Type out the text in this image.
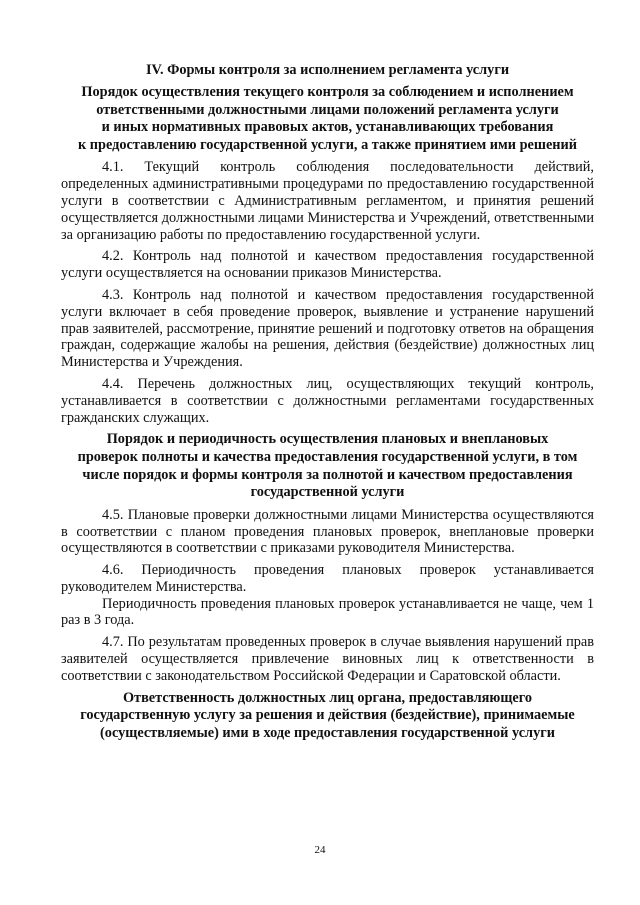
IV. Формы контроля за исполнением регламента услуги
Порядок осуществления текущего контроля за соблюдением и исполнением
ответственными должностными лицами положений регламента услуги
и иных нормативных правовых актов, устанавливающих требования
к предоставлению государственной услуги, а также принятием ими решений

4.1. Текущий контроль соблюдения последовательности действий, определенных административными процедурами по предоставлению государственной услуги в соответствии с Административным регламентом, и принятия решений осуществляется должностными лицами Министерства и Учреждений, ответственными за организацию работы по предоставлению государственной услуги.

4.2. Контроль над полнотой и качеством предоставления государственной услуги осуществляется на основании приказов Министерства.

4.3. Контроль над полнотой и качеством предоставления государственной услуги включает в себя проведение проверок, выявление и устранение нарушений прав заявителей, рассмотрение, принятие решений и подготовку ответов на обращения граждан, содержащие жалобы на решения, действия (бездействие) должностных лиц Министерства и Учреждения.

4.4. Перечень должностных лиц, осуществляющих текущий контроль, устанавливается в соответствии с должностными регламентами государственных гражданских служащих.

Порядок и периодичность осуществления плановых и внеплановых
проверок полноты и качества предоставления государственной услуги, в том
числе порядок и формы контроля за полнотой и качеством предоставления
государственной услуги

4.5. Плановые проверки должностными лицами Министерства осуществляются в соответствии с планом проведения плановых проверок, внеплановые проверки осуществляются в соответствии с приказами руководителя Министерства.

4.6. Периодичность проведения плановых проверок устанавливается руководителем Министерства.

Периодичность проведения плановых проверок устанавливается не чаще, чем 1 раз в 3 года.

4.7. По результатам проведенных проверок в случае выявления нарушений прав заявителей осуществляется привлечение виновных лиц к ответственности в соответствии с законодательством Российской Федерации и Саратовской области.

Ответственность должностных лиц органа, предоставляющего
государственную услугу за решения и действия (бездействие), принимаемые
(осуществляемые) ими в ходе предоставления государственной услуги
24
